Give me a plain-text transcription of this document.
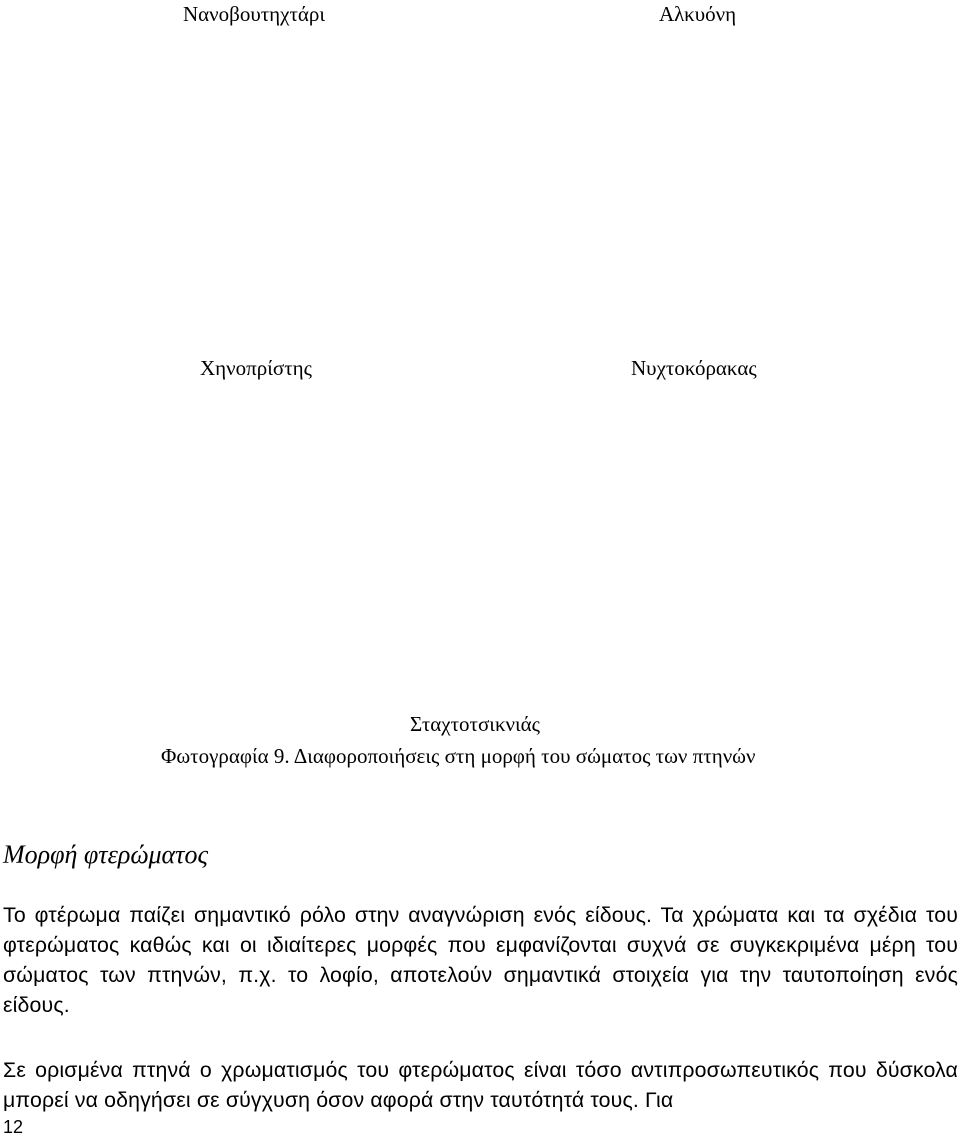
Νανοβουτηχτάρι	Αλκυόνη
Χηνοπρίστης	Νυχτοκόρακας
Σταχτοτσικνιάς
Φωτογραφία 9. Διαφοροποιήσεις στη μορφή του σώματος των πτηνών
Μορφή φτερώματος

Το φτέρωμα παίζει σημαντικό ρόλο στην αναγνώριση ενός είδους. Τα χρώματα και τα σχέδια του φτερώματος καθώς και οι ιδιαίτερες μορφές που εμφανίζονται συχνά σε συγκεκριμένα μέρη του σώματος των πτηνών, π.χ. το λοφίο, αποτελούν σημαντικά στοιχεία για την ταυτοποίηση ενός είδους.

Σε ορισμένα πτηνά ο χρωματισμός του φτερώματος είναι τόσο αντιπροσωπευτικός που δύσκολα μπορεί να οδηγήσει σε σύγχυση όσον αφορά στην ταυτότητά τους. Για

12
